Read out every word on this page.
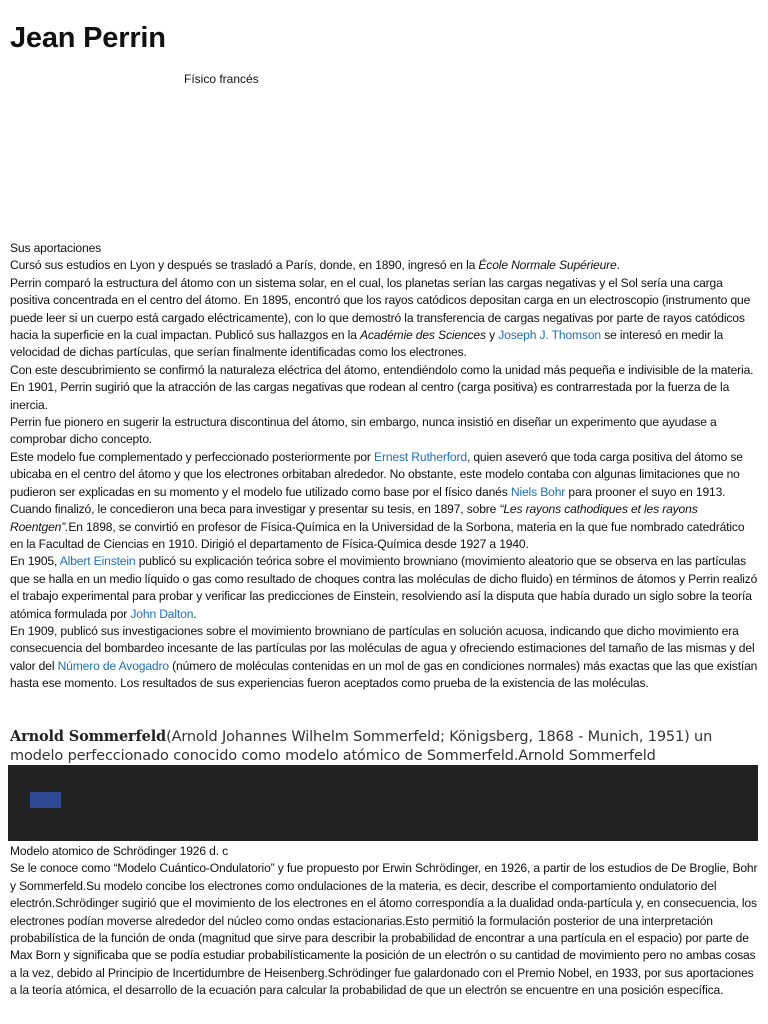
Jean Perrin
Físico francés

Sus aportaciones

Cursó sus estudios en Lyon y después se trasladó a París, donde, en 1890, ingresó en la École Normale Supérieure.

Perrin comparó la estructura del átomo con un sistema solar, en el cual, los planetas serían las cargas negativas y el Sol sería una carga positiva concentrada en el centro del átomo. En 1895, encontró que los rayos catódicos depositan carga en un electroscopio (instrumento que puede leer si un cuerpo está cargado eléctricamente), con lo que demostró la transferencia de cargas negativas por parte de rayos catódicos hacia la superficie en la cual impactan. Publicó sus hallazgos en la Académie des Sciences y Joseph J. Thomson se interesó en medir la velocidad de dichas partículas, que serían finalmente identificadas como los electrones.

Con este descubrimiento se confirmó la naturaleza eléctrica del átomo, entendiéndolo como la unidad más pequeña e indivisible de la materia. En 1901, Perrin sugirió que la atracción de las cargas negativas que rodean al centro (carga positiva) es contrarrestada por la fuerza de la inercia.

Perrin fue pionero en sugerir la estructura discontinua del átomo, sin embargo, nunca insistió en diseñar un experimento que ayudase a comprobar dicho concepto.

Este modelo fue complementado y perfeccionado posteriormente por Ernest Rutherford, quien aseveró que toda carga positiva del átomo se ubicaba en el centro del átomo y que los electrones orbitaban alrededor. No obstante, este modelo contaba con algunas limitaciones que no pudieron ser explicadas en su momento y el modelo fue utilizado como base por el físico danés Niels Bohr para prooner el suyo en 1913.

Cuando finalizó, le concedieron una beca para investigar y presentar su tesis, en 1897, sobre “Les rayons cathodiques et les rayons Roentgen”.En 1898, se convirtió en profesor de Física-Química en la Universidad de la Sorbona, materia en la que fue nombrado catedrático en la Facultad de Ciencias en 1910. Dirigió el departamento de Física-Química desde 1927 a 1940.

En 1905, Albert Einstein publicó su explicación teórica sobre el movimiento browniano (movimiento aleatorio que se observa en las partículas que se halla en un medio líquido o gas como resultado de choques contra las moléculas de dicho fluido) en términos de átomos y Perrin realizó el trabajo experimental para probar y verificar las predicciones de Einstein, resolviendo así la disputa que había durado un siglo sobre la teoría atómica formulada por John Dalton.

En 1909, publicó sus investigaciones sobre el movimiento browniano de partículas en solución acuosa, indicando que dicho movimiento era consecuencia del bombardeo incesante de las partículas por las moléculas de agua y ofreciendo estimaciones del tamaño de las mismas y del valor del Número de Avogadro (número de moléculas contenidas en un mol de gas en condiciones normales) más exactas que las que existían hasta ese momento. Los resultados de sus experiencias fueron aceptados como prueba de la existencia de las moléculas.

Arnold Sommerfeld(Arnold Johannes Wilhelm Sommerfeld; Königsberg, 1868 - Munich, 1951) un modelo perfeccionado conocido como modelo atómico de Sommerfeld.Arnold Sommerfeld

Modelo atomico de Schrödinger 1926 d. c

Se le conoce como “Modelo Cuántico-Ondulatorio” y fue propuesto por Erwin Schrödinger, en 1926, a partir de los estudios de De Broglie, Bohr y Sommerfeld.Su modelo concibe los electrones como ondulaciones de la materia, es decir, describe el comportamiento ondulatorio del electrón.Schrödinger sugirió que el movimiento de los electrones en el átomo correspondía a la dualidad onda-partícula y, en consecuencia, los electrones podían moverse alrededor del núcleo como ondas estacionarias.Esto permitió la formulación posterior de una interpretación probabilística de la función de onda (magnitud que sirve para describir la probabilidad de encontrar a una partícula en el espacio) por parte de Max Born y significaba que se podía estudiar probabilísticamente la posición de un electrón o su cantidad de movimiento pero no ambas cosas a la vez, debido al Principio de Incertidumbre de Heisenberg.Schrödinger fue galardonado con el Premio Nobel, en 1933, por sus aportaciones a la teoría atómica, el desarrollo de la ecuación para calcular la probabilidad de que un electrón se encuentre en una posición específica.
